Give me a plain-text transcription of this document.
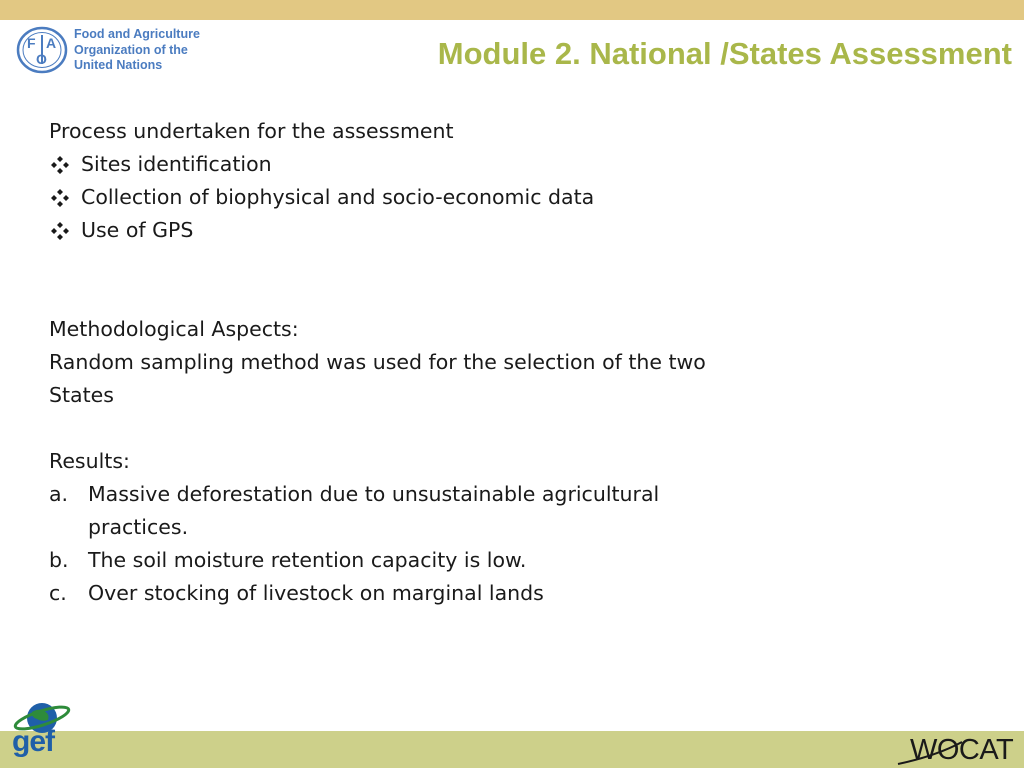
F A
O
Food and Agriculture
Organization of the
United Nations	Module 2. National /States Assessment
Process undertaken for the assessment
Sites identification
Collection of biophysical and socio-economic data
Use of GPS
Methodological Aspects:
Random sampling method was used for the selection of the two
States
Results:
a. Massive deforestation due to unsustainable agricultural
practices.
b. The soil moisture retention capacity is low.
c.	Over stocking of livestock on marginal lands
gef	WOCAT
